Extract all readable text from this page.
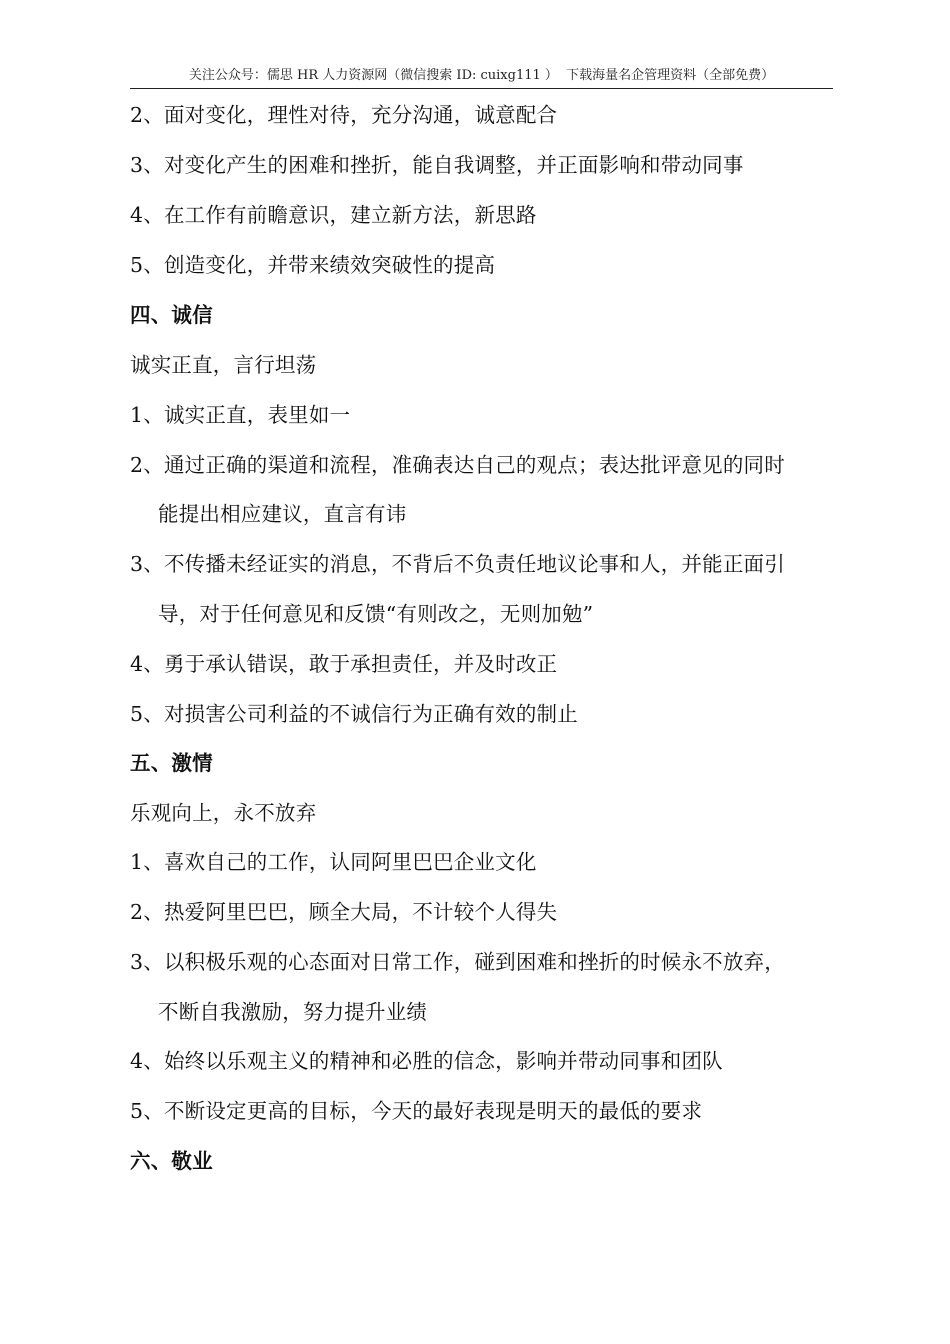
关注公众号：儒思 HR 人力资源网（微信搜索 ID: cuixg111 ） 下载海量名企管理资料（全部免费）
2、面对变化，理性对待，充分沟通，诚意配合
3、对变化产生的困难和挫折，能自我调整，并正面影响和带动同事
4、在工作有前瞻意识，建立新方法，新思路
5、创造变化，并带来绩效突破性的提高
四、诚信
诚实正直，言行坦荡
1、诚实正直，表里如一
2、通过正确的渠道和流程，准确表达自己的观点；表达批评意见的同时
能提出相应建议，直言有讳
3、不传播未经证实的消息，不背后不负责任地议论事和人，并能正面引
导，对于任何意见和反馈“有则改之，无则加勉”
4、勇于承认错误，敢于承担责任，并及时改正
5、对损害公司利益的不诚信行为正确有效的制止
五、激情
乐观向上，永不放弃
1、喜欢自己的工作，认同阿里巴巴企业文化
2、热爱阿里巴巴，顾全大局，不计较个人得失
3、以积极乐观的心态面对日常工作，碰到困难和挫折的时候永不放弃，
不断自我激励，努力提升业绩
4、始终以乐观主义的精神和必胜的信念，影响并带动同事和团队
5、不断设定更高的目标，今天的最好表现是明天的最低的要求
六、敬业
